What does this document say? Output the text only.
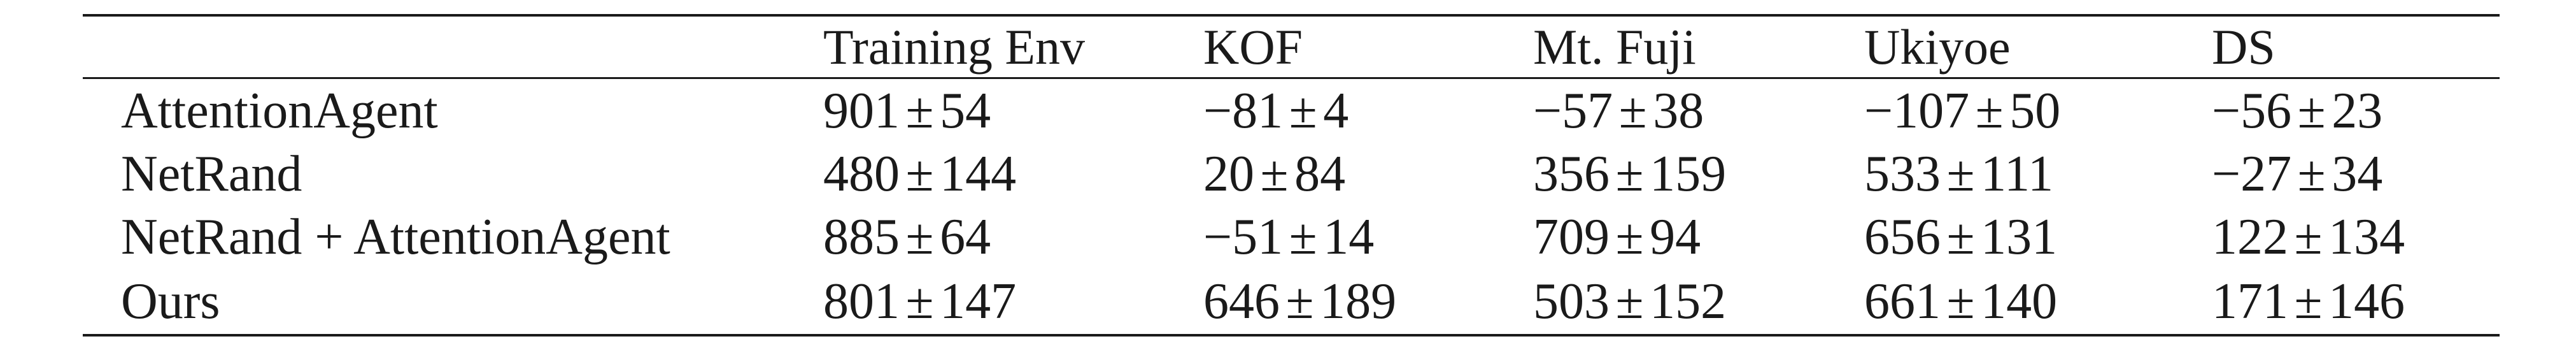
	Training Env	KOF	Mt. Fuji	Ukiyoe	DS
AttentionAgent	901 ± 54	−81 ± 4	−57 ± 38	−107 ± 50	−56 ± 23
NetRand	480 ± 144	20 ± 84	356 ± 159	533 ± 111	−27 ± 34
NetRand + AttentionAgent	885 ± 64	−51 ± 14	709 ± 94	656 ± 131	122 ± 134
Ours	801 ± 147	646 ± 189	503 ± 152	661 ± 140	171 ± 146
